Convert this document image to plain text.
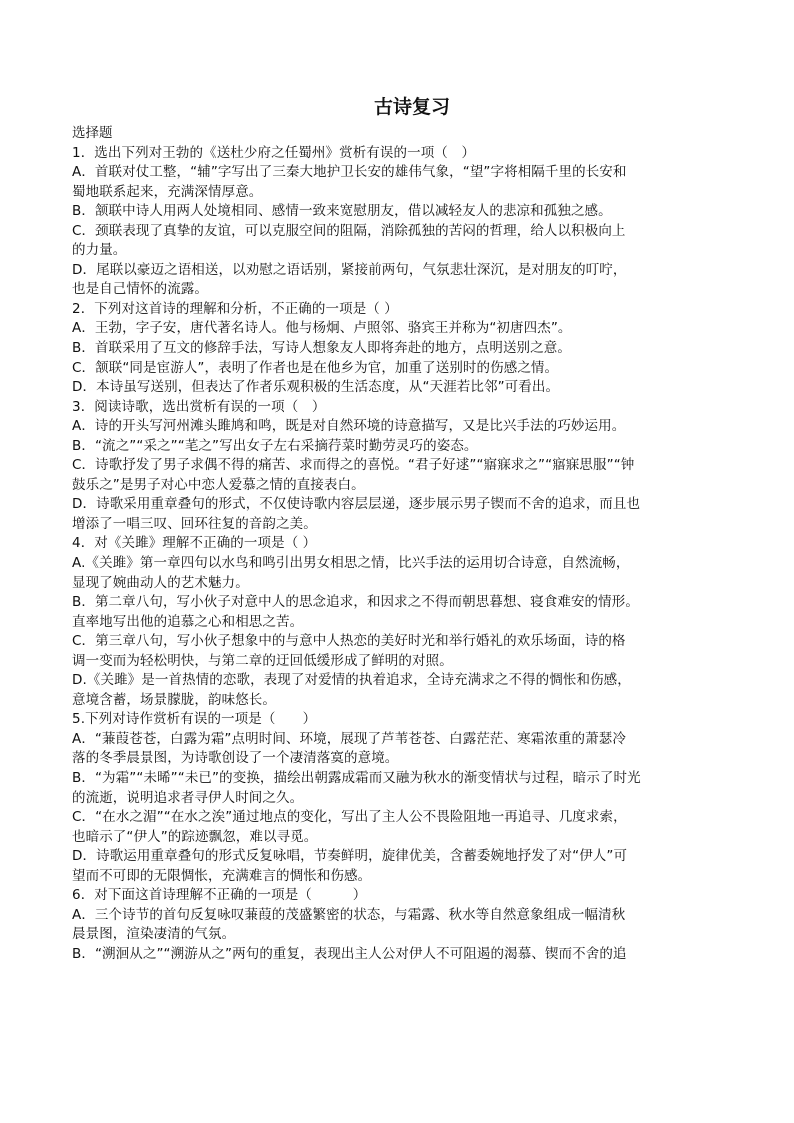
古诗复习
选择题
1．选出下列对王勃的《送杜少府之任蜀州》赏析有误的一项（　）
A．首联对仗工整，“辅”字写出了三秦大地护卫长安的雄伟气象，“望”字将相隔千里的长安和
蜀地联系起来，充满深情厚意。
B．颔联中诗人用两人处境相同、感情一致来宽慰朋友，借以减轻友人的悲凉和孤独之感。
C．颈联表现了真挚的友谊，可以克服空间的阻隔，消除孤独的苦闷的哲理，给人以积极向上
的力量。
D．尾联以豪迈之语相送，以劝慰之语话别，紧接前两句，气氛悲壮深沉，是对朋友的叮咛，
也是自己情怀的流露。
2．下列对这首诗的理解和分析，不正确的一项是（ ）
A．王勃，字子安，唐代著名诗人。他与杨炯、卢照邻、骆宾王并称为“初唐四杰”。
B．首联采用了互文的修辞手法，写诗人想象友人即将奔赴的地方，点明送别之意。
C．颔联“同是宦游人”，表明了作者也是在他乡为官，加重了送别时的伤感之情。
D．本诗虽写送别，但表达了作者乐观积极的生活态度，从“天涯若比邻”可看出。
3．阅读诗歌，选出赏析有误的一项（　）
A．诗的开头写河州滩头雎鸠和鸣，既是对自然环境的诗意描写，又是比兴手法的巧妙运用。
B．“流之”“采之”“芼之”写出女子左右采摘荇菜时勤劳灵巧的姿态。
C．诗歌抒发了男子求偶不得的痛苦、求而得之的喜悦。“君子好逑”“寤寐求之”“寤寐思服”“钟
鼓乐之”是男子对心中恋人爱慕之情的直接表白。
D．诗歌采用重章叠句的形式，不仅使诗歌内容层层递，逐步展示男子锲而不舍的追求，而且也
增添了一唱三叹、回环往复的音韵之美。
4．对《关雎》理解不正确的一项是（ ）
A.《关雎》第一章四句以水鸟和鸣引出男女相思之情，比兴手法的运用切合诗意，自然流畅，
显现了婉曲动人的艺术魅力。
B．第二章八句，写小伙子对意中人的思念追求，和因求之不得而朝思暮想、寝食难安的情形。
直率地写出他的追慕之心和相思之苦。
C．第三章八句，写小伙子想象中的与意中人热恋的美好时光和举行婚礼的欢乐场面，诗的格
调一变而为轻松明快，与第二章的迂回低缓形成了鲜明的对照。
D.《关雎》是一首热情的恋歌，表现了对爱情的执着追求，全诗充满求之不得的惆怅和伤感，
意境含蓄，场景朦胧，韵味悠长。
5.下列对诗作赏析有误的一项是（　　）
A．“蒹葭苍苍，白露为霜”点明时间、环境，展现了芦苇苍苍、白露茫茫、寒霜浓重的萧瑟冷
落的冬季晨景图，为诗歌创设了一个凄清落寞的意境。
B．“为霜”“未晞”“未已”的变换，描绘出朝露成霜而又融为秋水的渐变情状与过程，暗示了时光
的流逝，说明追求者寻伊人时间之久。
C．“在水之湄”“在水之涘”通过地点的变化，写出了主人公不畏险阻地一再追寻、几度求索，
也暗示了“伊人”的踪迹飘忽，难以寻觅。
D．诗歌运用重章叠句的形式反复咏唱，节奏鲜明，旋律优美，含蓄委婉地抒发了对“伊人”可
望而不可即的无限惆怅，充满难言的惆怅和伤感。
6．对下面这首诗理解不正确的一项是（　　　）
A．三个诗节的首句反复咏叹蒹葭的茂盛繁密的状态，与霜露、秋水等自然意象组成一幅清秋
晨景图，渲染凄清的气氛。
B．“溯洄从之”“溯游从之”两句的重复，表现出主人公对伊人不可阻遏的渴慕、锲而不舍的追
